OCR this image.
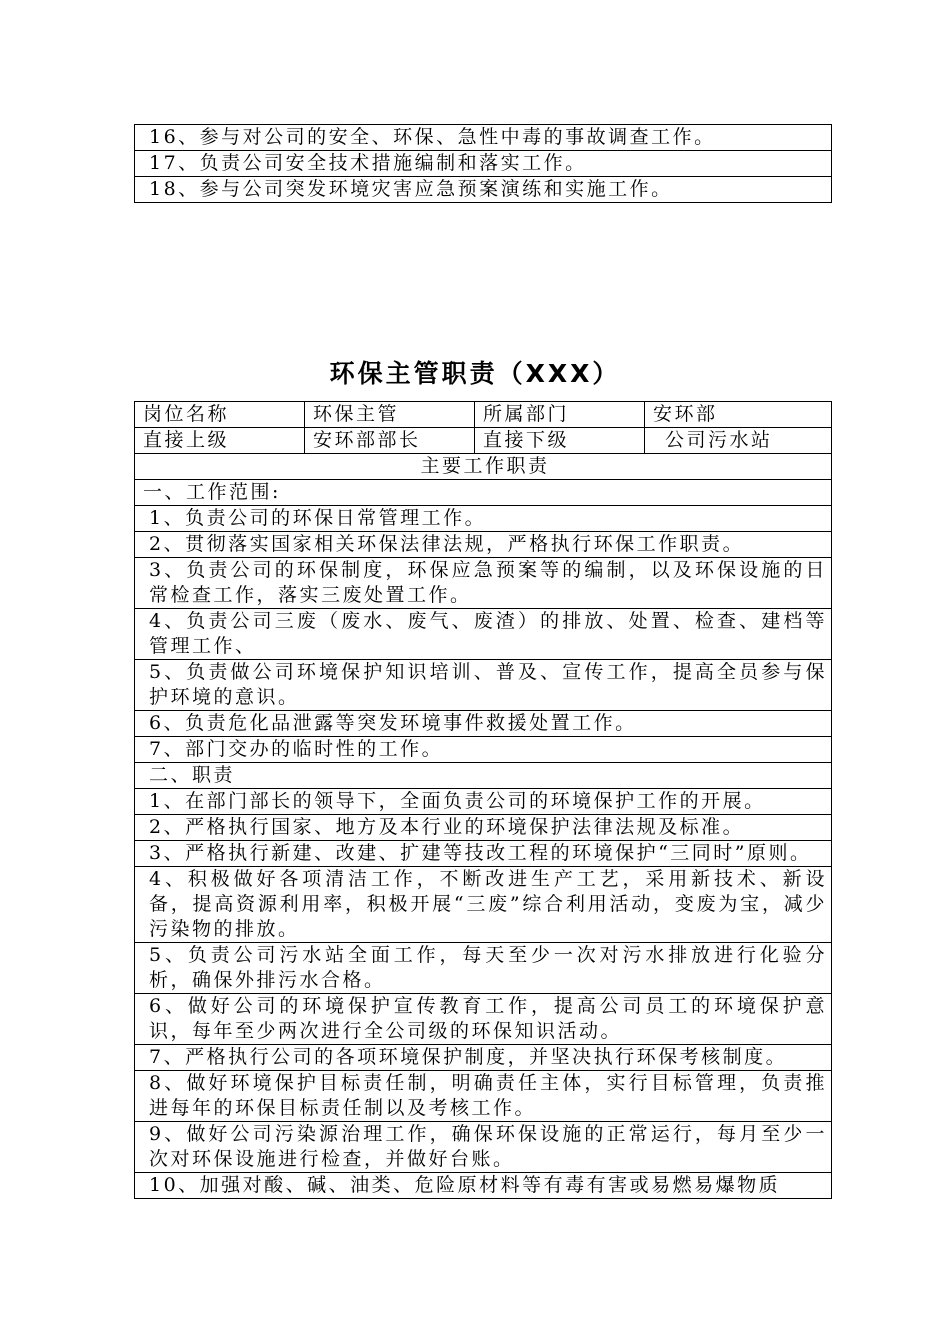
16、参与对公司的安全、环保、急性中毒的事故调查工作。
17、负责公司安全技术措施编制和落实工作。
18、参与公司突发环境灾害应急预案演练和实施工作。
环保主管职责（XXX）
岗位名称	环保主管	所属部门	安环部
直接上级	安环部部长	直接下级	公司污水站
主要工作职责			
一、工作范围:			
1、负责公司的环保日常管理工作。			
2、贯彻落实国家相关环保法律法规，严格执行环保工作职责。			
3、负责公司的环保制度，环保应急预案等的编制，以及环保设施的日常检查工作，落实三废处置工作。			
4、负责公司三废（废水、废气、废渣）的排放、处置、检查、建档等管理工作、			
5、负责做公司环境保护知识培训、普及、宣传工作，提高全员参与保护环境的意识。			
6、负责危化品泄露等突发环境事件救援处置工作。			
7、部门交办的临时性的工作。			
二、职责			
1、在部门部长的领导下，全面负责公司的环境保护工作的开展。			
2、严格执行国家、地方及本行业的环境保护法律法规及标准。			
3、严格执行新建、改建、扩建等技改工程的环境保护“三同时”原则。			
4、积极做好各项清洁工作，不断改进生产工艺，采用新技术、新设备，提高资源利用率，积极开展“三废”综合利用活动，变废为宝，减少污染物的排放。			
5、负责公司污水站全面工作，每天至少一次对污水排放进行化验分析，确保外排污水合格。			
6、做好公司的环境保护宣传教育工作，提高公司员工的环境保护意识，每年至少两次进行全公司级的环保知识活动。			
7、严格执行公司的各项环境保护制度，并坚决执行环保考核制度。			
8、做好环境保护目标责任制，明确责任主体，实行目标管理，负责推进每年的环保目标责任制以及考核工作。			
9、做好公司污染源治理工作，确保环保设施的正常运行，每月至少一次对环保设施进行检查，并做好台账。			
10、加强对酸、碱、油类、危险原材料等有毒有害或易燃易爆物质			
